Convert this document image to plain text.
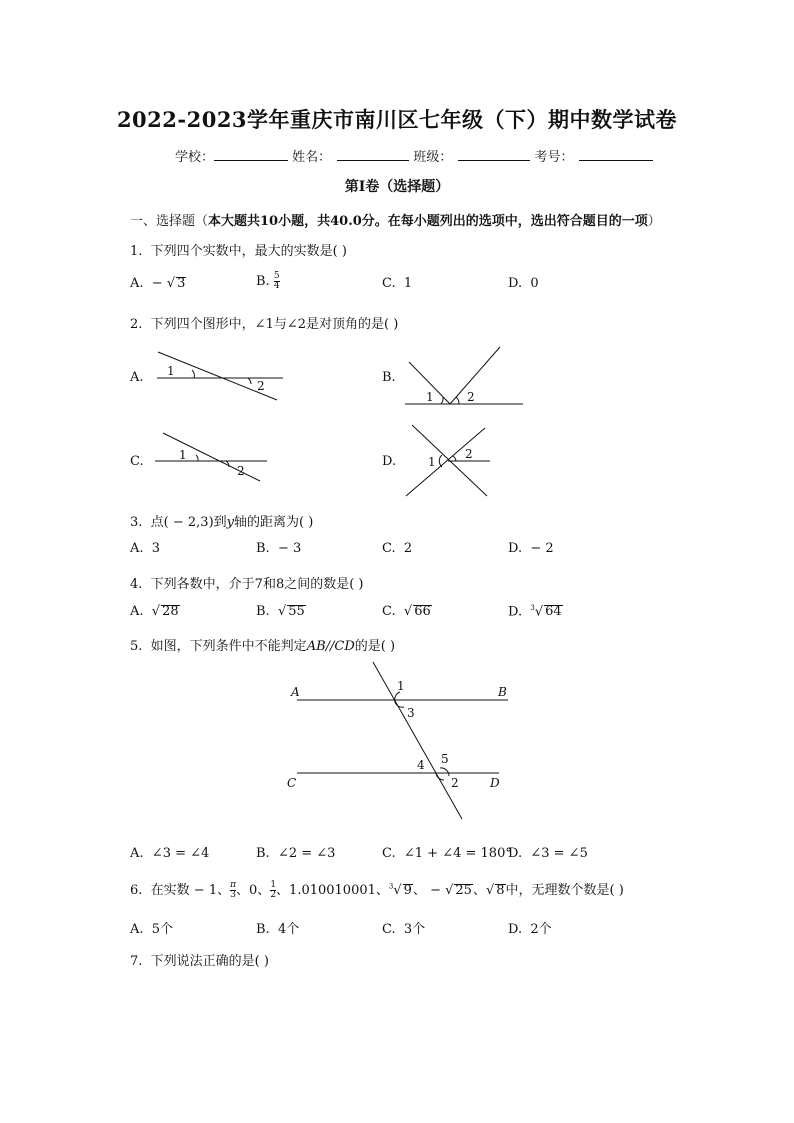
2022-2023学年重庆市南川区七年级（下）期中数学试卷
学校：	姓名：	班级：	考号：
第I卷（选择题）
一、选择题（本大题共10小题，共40.0分。在每小题列出的选项中，选出符合题目的一项）
1. 下列四个实数中，最大的实数是( )
A. − √ 3	B. $\frac{5}{4}$	C. 1	D. 0
2. 下列四个图形中，∠1与∠2是对顶角的是( )
A. 1
2
B.
1	2
C.	1
2
D.	1
2
3. 点( − 2,3)到y轴的距离为( )
A. 3	B. − 3	C. 2	D. − 2
4. 下列各数中，介于7和8之间的数是( )
A.  √ 28	B.  √ 55	C.  √ 66	D. $^3$√ 64
5. 如图，下列条件中不能判定AB//CD的是( )
A	B
C	D
1
3
4 5
2
A. ∠3 = ∠4	B. ∠2 = ∠3	C. ∠1 + ∠4 = 180°
D. ∠3 = ∠5
6. 在实数 − 1、 $\frac{\pi}{3}$ 、0、 $\frac{1}{2}$ 、1.010010001、$^3$√ 9、 − √ 25、√ 8中，无理数个数是( )
A. 5个	B. 4个	C. 3个	D. 2个
7. 下列说法正确的是( )
